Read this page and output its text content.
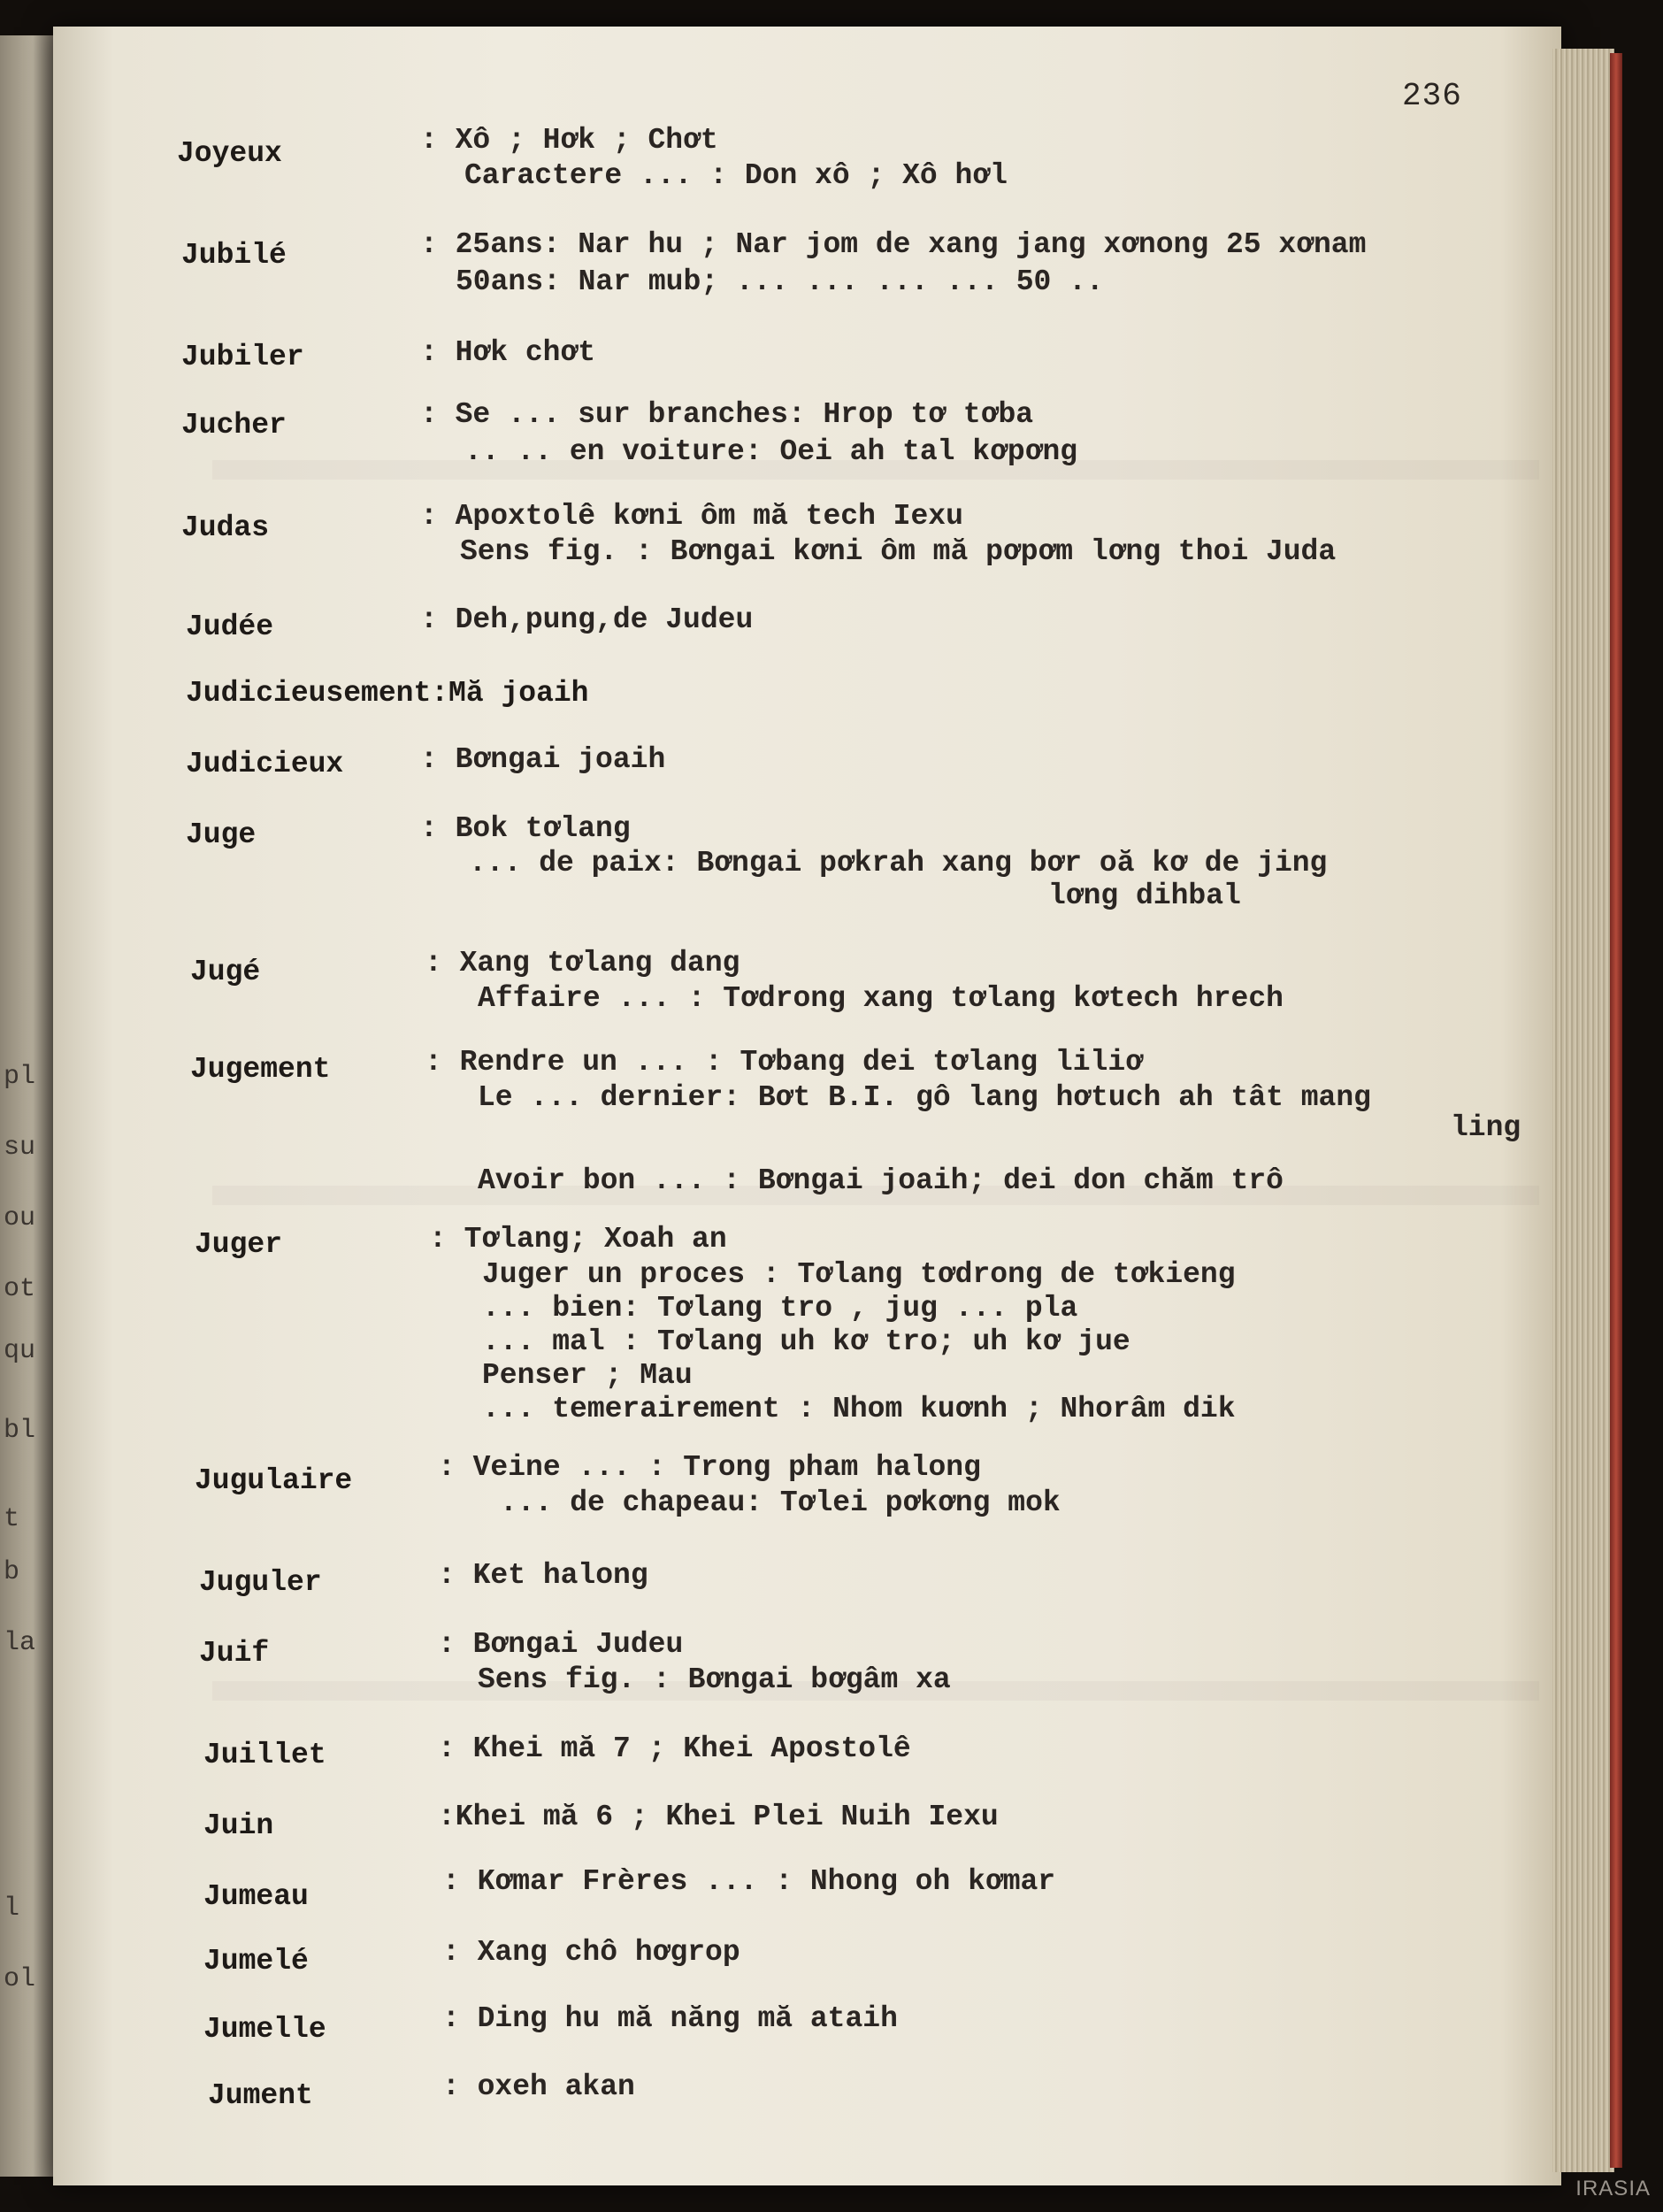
pl
su
ou
ot
qu
bl
t
b
la
l
ol
236
Joyeux	: Xô ; Hơk ; Chơt
Caractere ... : Don xô ; Xô hơl
Jubilé	: 25ans: Nar hu ; Nar jom de xang jang xơnong 25 xơnam
50ans: Nar mub; ... ... ... ... 50 ..
Jubiler	: Hơk chơt
Jucher	: Se ... sur branches: Hrop tơ tơba
.. .. en voiture: Oei ah tal kơpơng
Judas	: Apoxtolê kơni ôm mă tech Iexu
Sens fig. : Bơngai kơni ôm mă pơpơm lơng thoi Juda
Judée	: Deh,pung,de Judeu
Judicieusement:Mă joaih
Judicieux	: Bơngai joaih
Juge	: Bok tơlang
... de paix: Bơngai pơkrah xang bơr oă kơ de jing
lơng dihbal
Jugé	: Xang tơlang dang
Affaire ... : Tơdrong xang tơlang kơtech hrech
Jugement	: Rendre un ... : Tơbang dei tơlang liliơ
Le ... dernier: Bơt B.I. gô lang hơtuch ah tât mang
ling
Avoir bon ... : Bơngai joaih; dei don chăm trô
Juger	: Tơlang; Xoah an
Juger un proces : Tơlang tơdrong de tơkieng
... bien: Tơlang tro , jug ... pla
... mal : Tơlang uh kơ tro; uh kơ jue
Penser ; Mau
... temerairement : Nhom kuơnh ; Nhorâm dik
Jugulaire	: Veine ... : Trong pham halong
... de chapeau: Tơlei pơkơng mok
Juguler	: Ket halong
Juif	: Bơngai Judeu
Sens fig. : Bơngai bơgâm xa
Juillet	: Khei mă 7 ; Khei Apostolê
Juin	:Khei mă 6 ; Khei Plei Nuih Iexu
Jumeau	: Kơmar Frères ... : Nhong oh kơmar
Jumelé	: Xang chô hơgrop
Jumelle	: Ding hu mă năng mă ataih
Jument	: oxeh akan
IRASIA
